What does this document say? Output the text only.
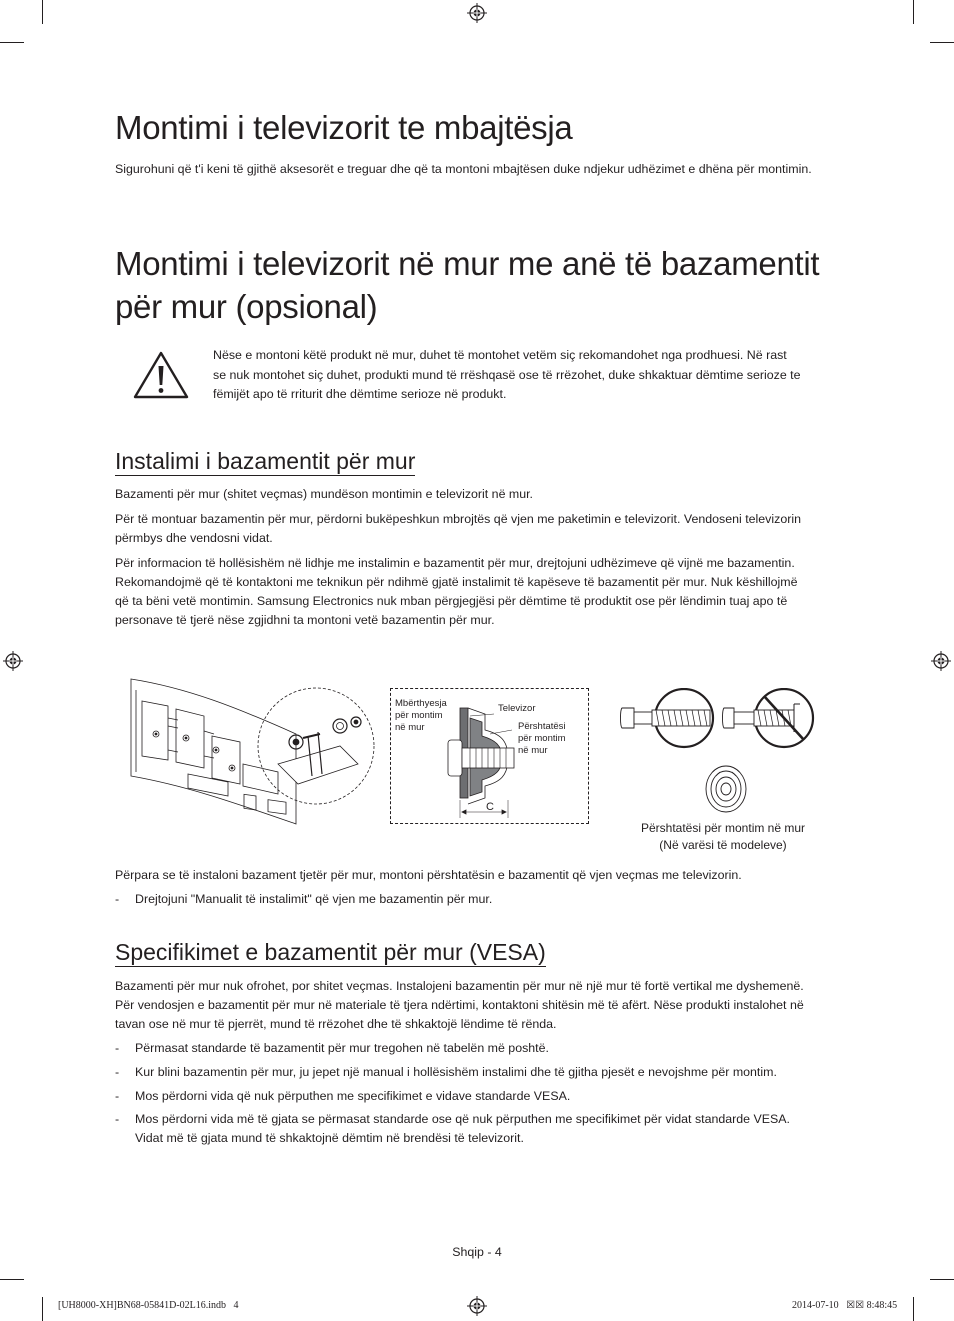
Montimi i televizorit te mbajtësja

Sigurohuni që t'i keni të gjithë aksesorët e treguar dhe që ta montoni mbajtësen duke ndjekur udhëzimet e dhëna për montimin.

Montimi i televizorit në mur me anë të bazamentit
për mur (opsional)

Nëse e montoni këtë produkt në mur, duhet të montohet vetëm siç rekomandohet nga prodhuesi. Në rast

se nuk montohet siç duhet, produkti mund të rrëshqasë ose të rrëzohet, duke shkaktuar dëmtime serioze te

fëmijët apo të rriturit dhe dëmtime serioze në produkt.

Instalimi i bazamentit për mur

Bazamenti për mur (shitet veçmas) mundëson montimin e televizorit në mur.

Për të montuar bazamentin për mur, përdorni bukëpeshkun mbrojtës që vjen me paketimin e televizorit. Vendoseni televizorin

përmbys dhe vendosni vidat.

Për informacion të hollësishëm në lidhje me instalimin e bazamentit për mur, drejtojuni udhëzimeve që vijnë me bazamentin.

Rekomandojmë që të kontaktoni me teknikun për ndihmë gjatë instalimit të kapëseve të bazamentit për mur. Nuk këshillojmë

që ta bëni vetë montimin. Samsung Electronics nuk mban përgjegjësi për dëmtime të produktit ose për lëndimin tuaj apo të

personave të tjerë nëse zgjidhni ta montoni vetë bazamentin për mur.

Mbërthyesja
për montim
në mur
Televizor
Përshtatësi
për montim
në mur
C
Përshtatësi për montim në mur
(Në varësi të modeleve)

Përpara se të instaloni bazament tjetër për mur, montoni përshtatësin e bazamentit që vjen veçmas me televizorin.

- Drejtojuni "Manualit të instalimit" që vjen me bazamentin për mur.
Specifikimet e bazamentit për mur (VESA)

Bazamenti për mur nuk ofrohet, por shitet veçmas. Instalojeni bazamentin për mur në një mur të fortë vertikal me dyshemenë.

Për vendosjen e bazamentit për mur në materiale të tjera ndërtimi, kontaktoni shitësin më të afërt. Nëse produkti instalohet në

tavan ose në mur të pjerrët, mund të rrëzohet dhe të shkaktojë lëndime të rënda.

- Përmasat standarde të bazamentit për mur tregohen në tabelën më poshtë.
- Kur blini bazamentin për mur, ju jepet një manual i hollësishëm instalimi dhe të gjitha pjesët e nevojshme për montim.
- Mos përdorni vida që nuk përputhen me specifikimet e vidave standarde VESA.
- Mos përdorni vida më të gjata se përmasat standarde ose që nuk përputhen me specifikimet për vidat standarde VESA.
Vidat më të gjata mund të shkaktojnë dëmtim në brendësi të televizorit.
Shqip - 4
[UH8000-XH]BN68-05841D-02L16.indb   4	2014-07-10   ☒☒ 8:48:45
